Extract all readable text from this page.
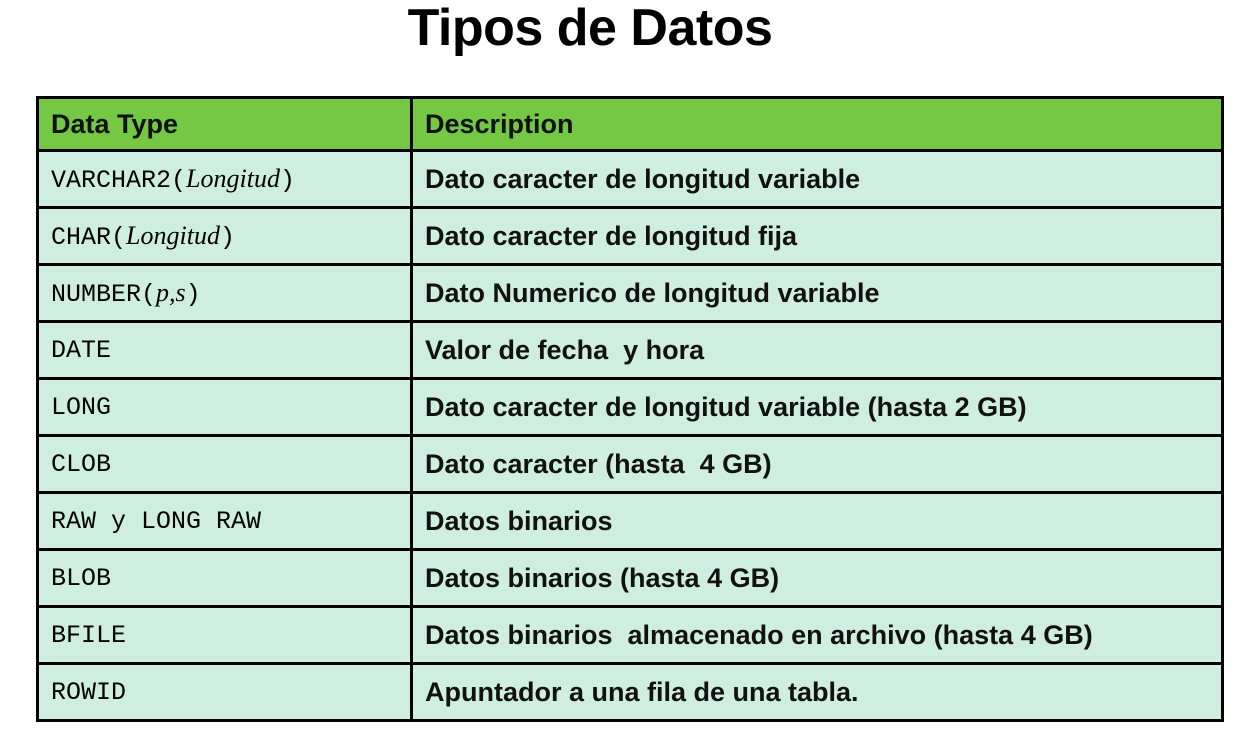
Tipos de Datos
Data Type	Description
VARCHAR2(Longitud)	Dato caracter de longitud variable
CHAR(Longitud)	Dato caracter de longitud fija
NUMBER(p,s)	Dato Numerico de longitud variable
DATE	Valor de fecha  y hora
LONG	Dato caracter de longitud variable (hasta 2 GB)
CLOB	Dato caracter (hasta  4 GB)
RAW y LONG RAW	Datos binarios
BLOB	Datos binarios (hasta 4 GB)
BFILE	Datos binarios  almacenado en archivo (hasta 4 GB)
ROWID	Apuntador a una fila de una tabla.
